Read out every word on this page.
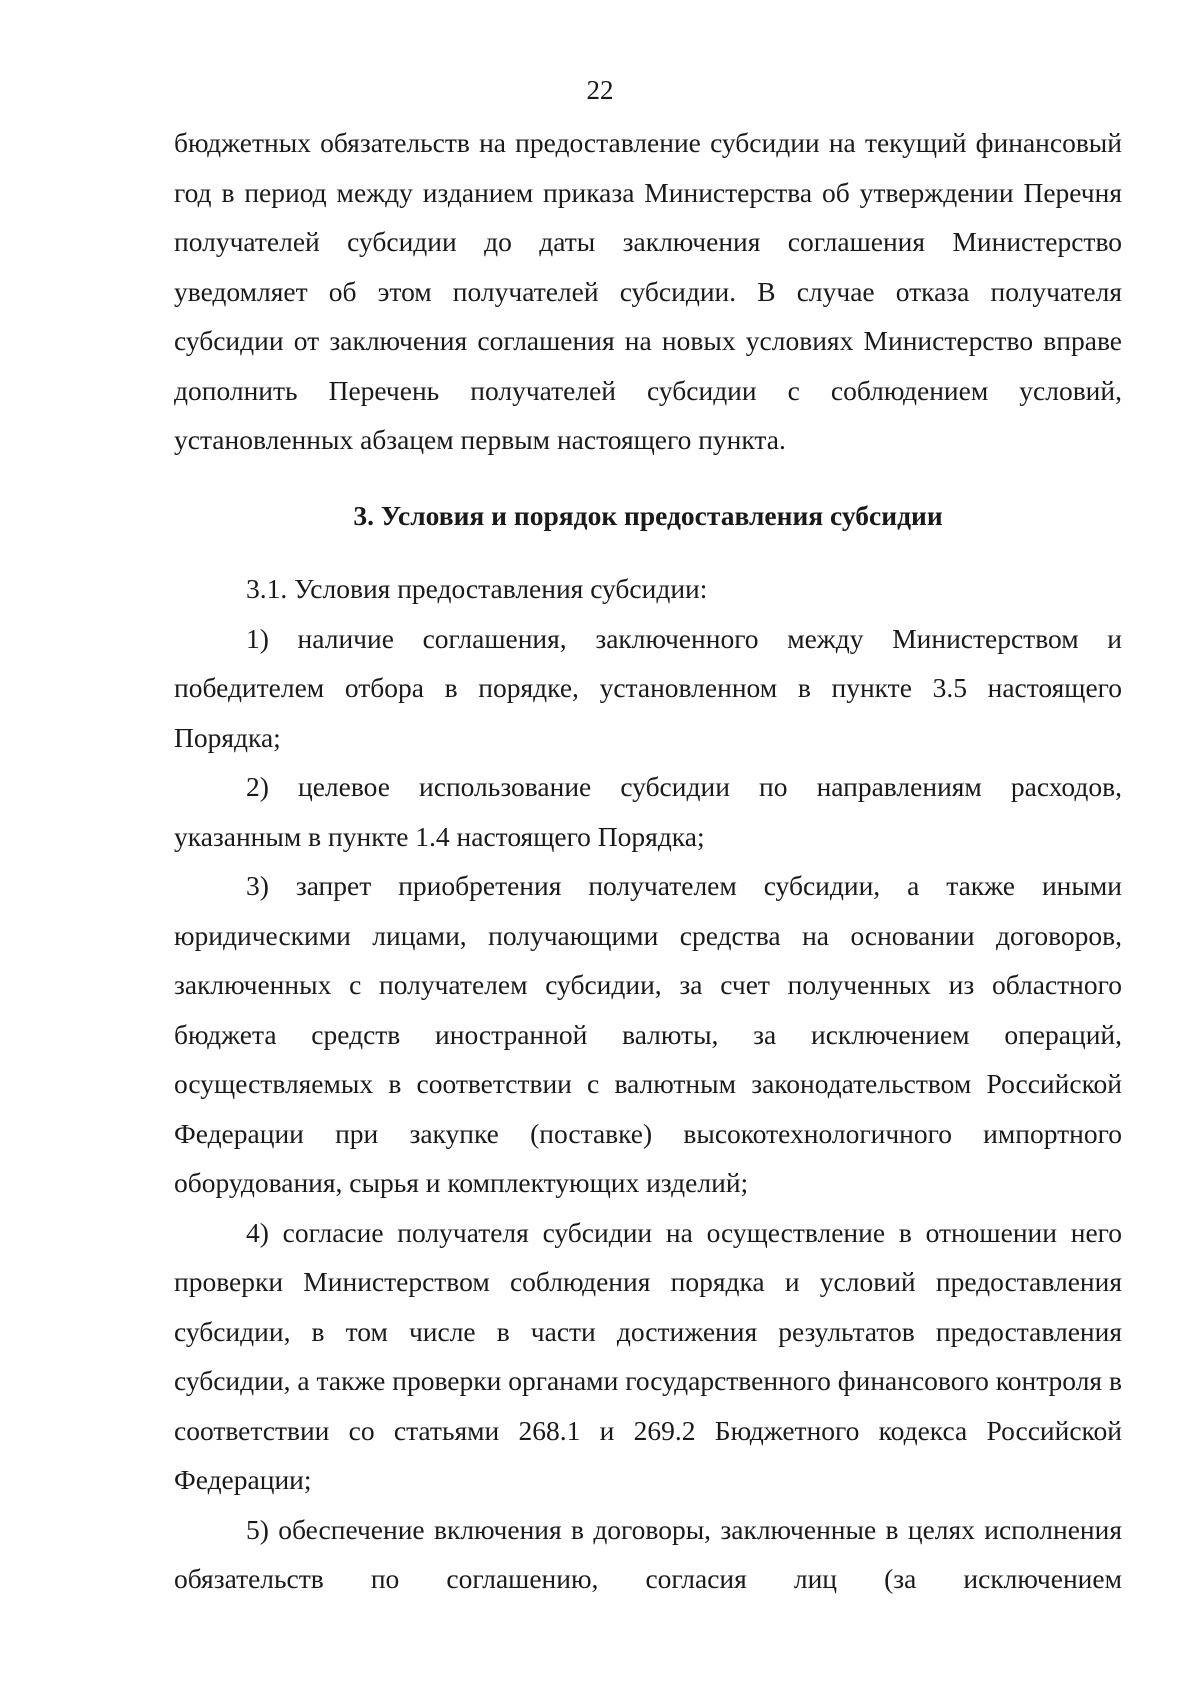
22

бюджетных обязательств на предоставление субсидии на текущий финансовый год в период между изданием приказа Министерства об утверждении Перечня получателей субсидии до даты заключения соглашения Министерство уведомляет об этом получателей субсидии. В случае отказа получателя субсидии от заключения соглашения на новых условиях Министерство вправе дополнить Перечень получателей субсидии с соблюдением условий, установленных абзацем первым настоящего пункта.

3. Условия и порядок предоставления субсидии

3.1. Условия предоставления субсидии:

1) наличие соглашения, заключенного между Министерством и победителем отбора в порядке, установленном в пункте 3.5 настоящего Порядка;

2) целевое использование субсидии по направлениям расходов, указанным в пункте 1.4 настоящего Порядка;

3) запрет приобретения получателем субсидии, а также иными юридическими лицами, получающими средства на основании договоров, заключенных с получателем субсидии, за счет полученных из областного бюджета средств иностранной валюты, за исключением операций, осуществляемых в соответствии с валютным законодательством Российской Федерации при закупке (поставке) высокотехнологичного импортного оборудования, сырья и комплектующих изделий;

4) согласие получателя субсидии на осуществление в отношении него проверки Министерством соблюдения порядка и условий предоставления субсидии, в том числе в части достижения результатов предоставления субсидии, а также проверки органами государственного финансового контроля в соответствии со статьями 268.1 и 269.2 Бюджетного кодекса Российской Федерации;

5) обеспечение включения в договоры, заключенные в целях исполнения обязательств по соглашению, согласия лиц (за исключением
